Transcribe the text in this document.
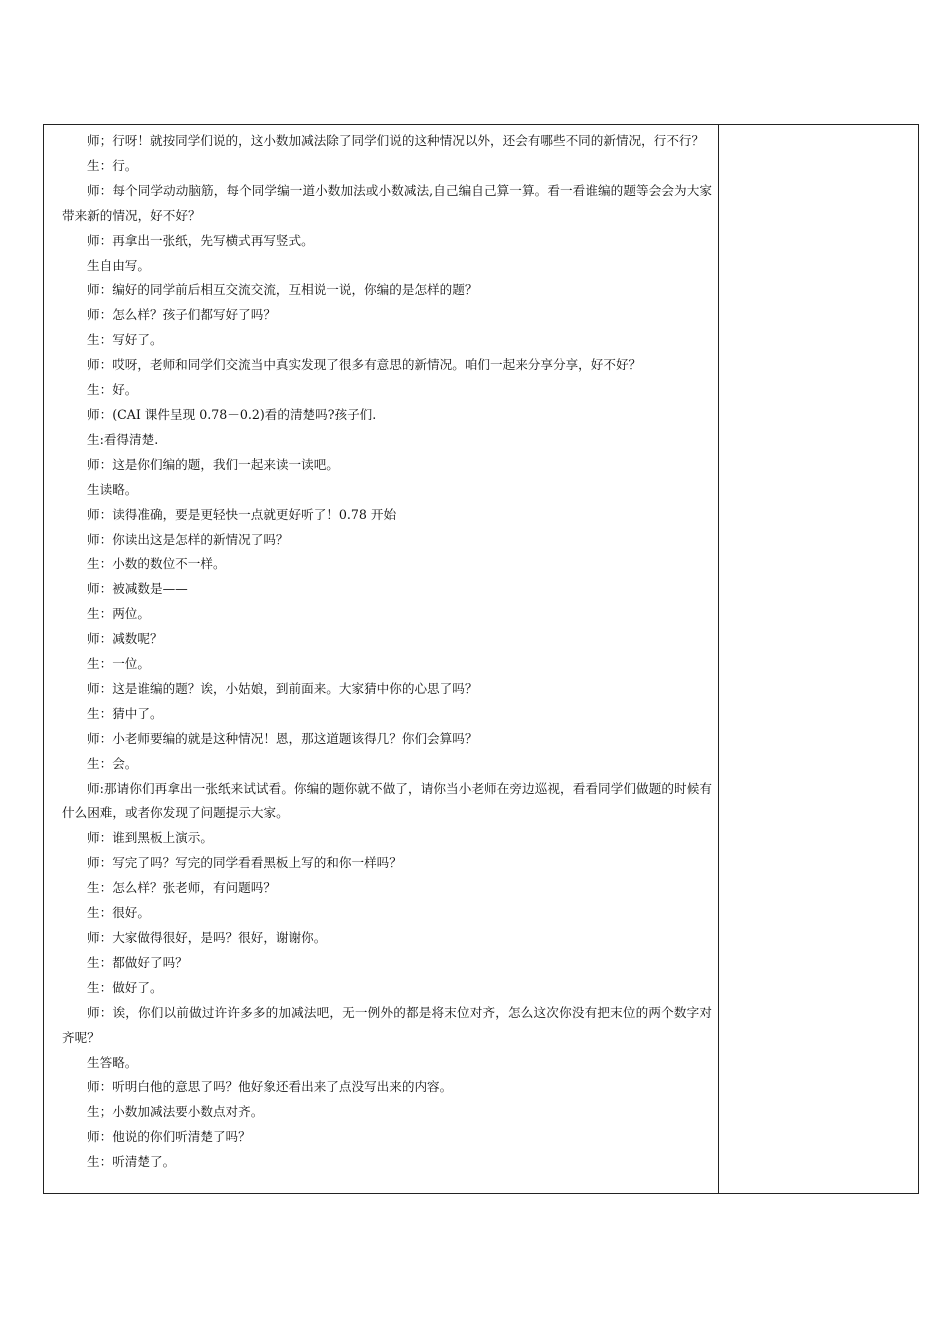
师；行呀！就按同学们说的，这小数加减法除了同学们说的这种情况以外，还会有哪些不同的新情况，行不行？

生：行。

师：每个同学动动脑筋，每个同学编一道小数加法或小数减法,自己编自己算一算。看一看谁编的题等会会为大家带来新的情况，好不好？

师：再拿出一张纸，先写横式再写竖式。

生自由写。

师：编好的同学前后相互交流交流，互相说一说，你编的是怎样的题？

师：怎么样？孩子们都写好了吗？

生：写好了。

师：哎呀，老师和同学们交流当中真实发现了很多有意思的新情况。咱们一起来分享分享，好不好？

生：好。

师：(CAI 课件呈现 0.78－0.2)看的清楚吗?孩子们.

生:看得清楚.

师：这是你们编的题，我们一起来读一读吧。

生读略。

师：读得准确，要是更轻快一点就更好听了！0.78 开始

师：你读出这是怎样的新情况了吗？

生：小数的数位不一样。

师：被减数是——

生：两位。

师：减数呢？

生：一位。

师：这是谁编的题？诶，小姑娘，到前面来。大家猜中你的心思了吗？

生：猜中了。

师：小老师要编的就是这种情况！恩，那这道题该得几？你们会算吗？

生：会。

师:那请你们再拿出一张纸来试试看。你编的题你就不做了，请你当小老师在旁边巡视，看看同学们做题的时候有什么困难，或者你发现了问题提示大家。

师：谁到黑板上演示。

师：写完了吗？写完的同学看看黑板上写的和你一样吗？

生：怎么样？张老师，有问题吗？

生：很好。

师：大家做得很好，是吗？很好，谢谢你。

生：都做好了吗？

生：做好了。

师：诶，你们以前做过许许多多的加减法吧，无一例外的都是将末位对齐，怎么这次你没有把末位的两个数字对齐呢？

生答略。

师：听明白他的意思了吗？他好象还看出来了点没写出来的内容。

生；小数加减法要小数点对齐。

师：他说的你们听清楚了吗？

生：听清楚了。
